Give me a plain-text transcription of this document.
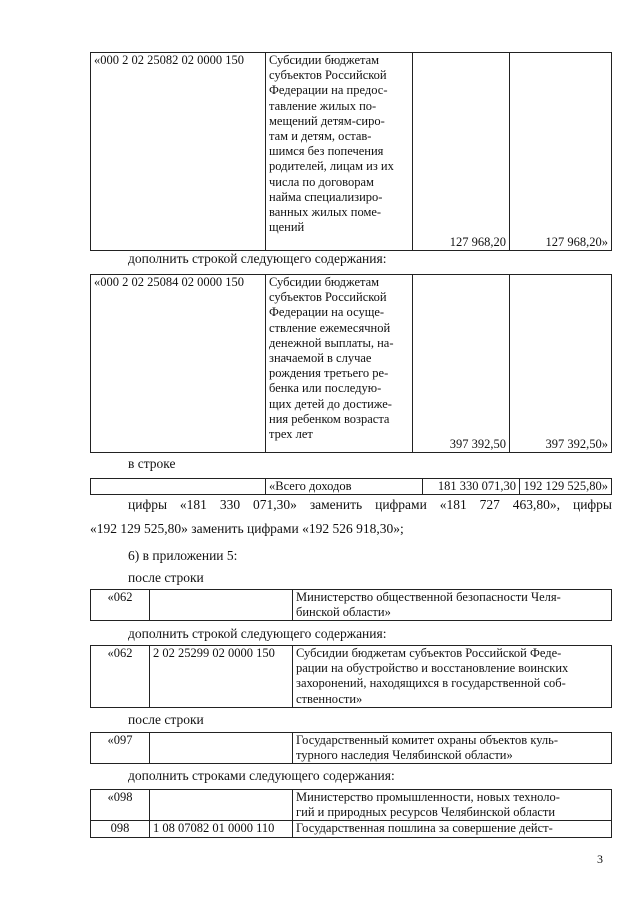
«000 2 02 25082 02 0000 150	Субсидии бюджетам
субъектов Российской
Федерации на предос-
тавление жилых по-
мещений детям-сиро-
там и детям, остав-
шимся без попечения
родителей, лицам из их
числа по договорам
найма специализиро-
ванных жилых поме-
щений	127 968,20	127 968,20»
дополнить строкой следующего содержания:
«000 2 02 25084 02 0000 150	Субсидии бюджетам
субъектов Российской
Федерации на осуще-
ствление ежемесячной
денежной выплаты, на-
значаемой в случае
рождения третьего ре-
бенка или последую-
щих детей до достиже-
ния ребенком возраста
трех лет	397 392,50	397 392,50»
в строке
	«Всего доходов	181 330 071,30	192 129 525,80»
цифры «181 330 071,30» заменить цифрами «181 727 463,80», цифры
«192 129 525,80» заменить цифрами «192 526 918,30»;
6) в приложении 5:
после строки
«062		Министерство общественной безопасности Челя-
бинской области»
дополнить строкой следующего содержания:
«062	2 02 25299 02 0000 150	Субсидии бюджетам субъектов Российской Феде-
рации на обустройство и восстановление воинских
захоронений, находящихся в государственной соб-
ственности»
после строки
«097		Государственный комитет охраны объектов куль-
турного наследия Челябинской области»
дополнить строками следующего содержания:
«098		Министерство промышленности, новых техноло-
гий и природных ресурсов Челябинской области
098	1 08 07082 01 0000 110	Государственная пошлина за совершение дейст-
3
